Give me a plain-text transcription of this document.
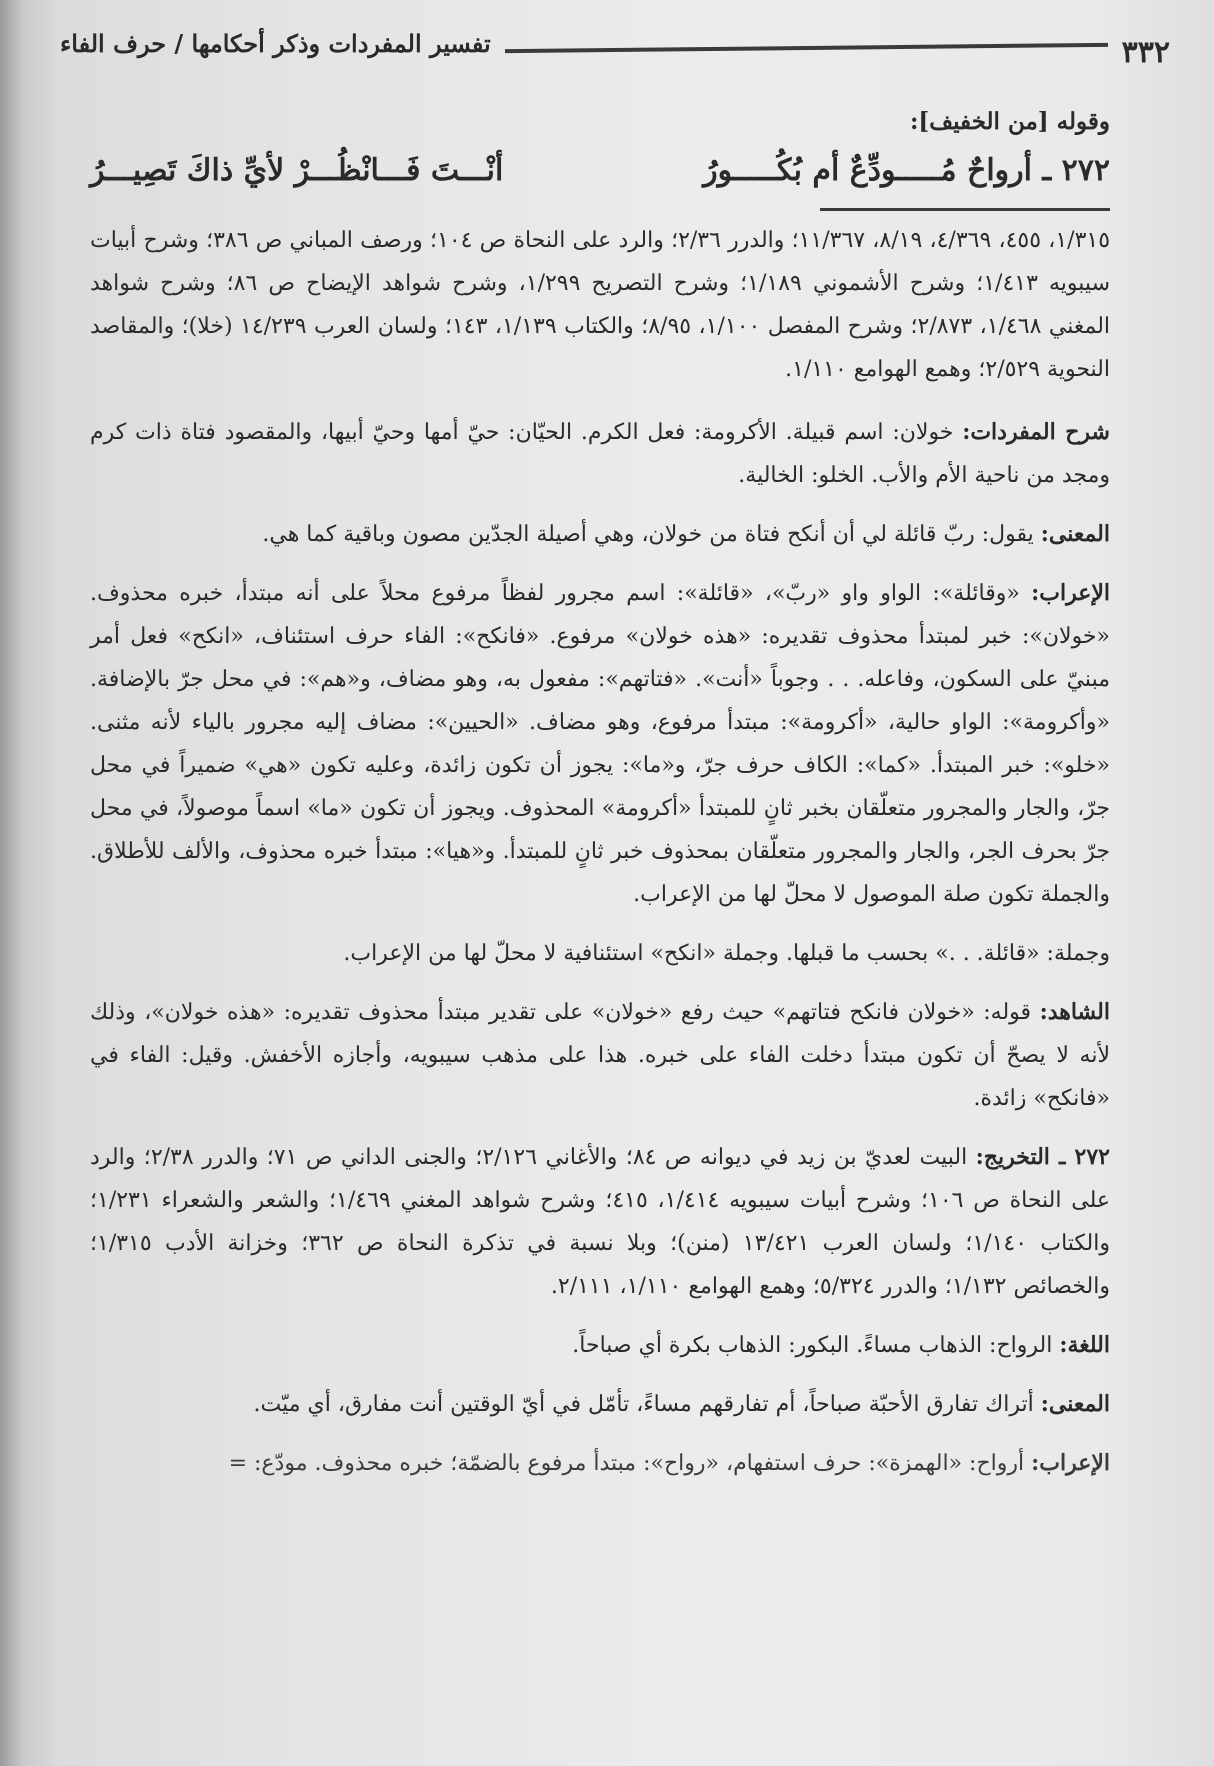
٣٣٢
تفسير المفردات وذكر أحكامها / حرف الفاء
وقوله [من الخفيف]:
٢٧٢ ـ أرواحٌ مُـــــودِّعٌ أم بُكُـــــورُ
أنْـــتَ فَـــانْظُـــرْ لأيِّ ذاكَ تَصِيـــرُ

١/٣١٥، ٤٥٥، ٤/٣٦٩، ٨/١٩، ١١/٣٦٧؛ والدرر ٢/٣٦؛ والرد على النحاة ص ١٠٤؛ ورصف المباني ص ٣٨٦؛ وشرح أبيات سيبويه ١/٤١٣؛ وشرح الأشموني ١/١٨٩؛ وشرح التصريح ١/٢٩٩، وشرح شواهد الإيضاح ص ٨٦؛ وشرح شواهد المغني ١/٤٦٨، ٢/٨٧٣؛ وشرح المفصل ١/١٠٠، ٨/٩٥؛ والكتاب ١/١٣٩، ١٤٣؛ ولسان العرب ١٤/٢٣٩ (خلا)؛ والمقاصد النحوية ٢/٥٢٩؛ وهمع الهوامع ١/١١٠.

شرح المفردات: خولان: اسم قبيلة. الأكرومة: فعل الكرم. الحيّان: حيّ أمها وحيّ أبيها، والمقصود فتاة ذات كرم ومجد من ناحية الأم والأب. الخلو: الخالية.

المعنى: يقول: ربّ قائلة لي أن أنكح فتاة من خولان، وهي أصيلة الجدّين مصون وباقية كما هي.

الإعراب: «وقائلة»: الواو واو «ربّ»، «قائلة»: اسم مجرور لفظاً مرفوع محلاً على أنه مبتدأ، خبره محذوف. «خولان»: خبر لمبتدأ محذوف تقديره: «هذه خولان» مرفوع. «فانكح»: الفاء حرف استئناف، «انكح» فعل أمر مبنيّ على السكون، وفاعله. . . وجوباً «أنت». «فتاتهم»: مفعول به، وهو مضاف، و«هم»: في محل جرّ بالإضافة. «وأكرومة»: الواو حالية، «أكرومة»: مبتدأ مرفوع، وهو مضاف. «الحيين»: مضاف إليه مجرور بالياء لأنه مثنى. «خلو»: خبر المبتدأ. «كما»: الكاف حرف جرّ، و«ما»: يجوز أن تكون زائدة، وعليه تكون «هي» ضميراً في محل جرّ، والجار والمجرور متعلّقان بخبر ثانٍ للمبتدأ «أكرومة» المحذوف. ويجوز أن تكون «ما» اسماً موصولاً، في محل جرّ بحرف الجر، والجار والمجرور متعلّقان بمحذوف خبر ثانٍ للمبتدأ. و«هيا»: مبتدأ خبره محذوف، والألف للأطلاق. والجملة تكون صلة الموصول لا محلّ لها من الإعراب.

وجملة: «قائلة. . .» بحسب ما قبلها. وجملة «انكح» استئنافية لا محلّ لها من الإعراب.

الشاهد: قوله: «خولان فانكح فتاتهم» حيث رفع «خولان» على تقدير مبتدأ محذوف تقديره: «هذه خولان»، وذلك لأنه لا يصحّ أن تكون مبتدأ دخلت الفاء على خبره. هذا على مذهب سيبويه، وأجازه الأخفش. وقيل: الفاء في «فانكح» زائدة.

٢٧٢ ـ التخريج: البيت لعديّ بن زيد في ديوانه ص ٨٤؛ والأغاني ٢/١٢٦؛ والجنى الداني ص ٧١؛ والدرر ٢/٣٨؛ والرد على النحاة ص ١٠٦؛ وشرح أبيات سيبويه ١/٤١٤، ٤١٥؛ وشرح شواهد المغني ١/٤٦٩؛ والشعر والشعراء ١/٢٣١؛ والكتاب ١/١٤٠؛ ولسان العرب ١٣/٤٢١ (منن)؛ وبلا نسبة في تذكرة النحاة ص ٣٦٢؛ وخزانة الأدب ١/٣١٥؛ والخصائص ١/١٣٢؛ والدرر ٥/٣٢٤؛ وهمع الهوامع ١/١١٠، ٢/١١١.

اللغة: الرواح: الذهاب مساءً. البكور: الذهاب بكرة أي صباحاً.

المعنى: أتراك تفارق الأحبّة صباحاً، أم تفارقهم مساءً، تأمّل في أيّ الوقتين أنت مفارق، أي ميّت.

الإعراب: أرواح: «الهمزة»: حرف استفهام، «رواح»: مبتدأ مرفوع بالضمّة؛ خبره محذوف. مودّع: =
